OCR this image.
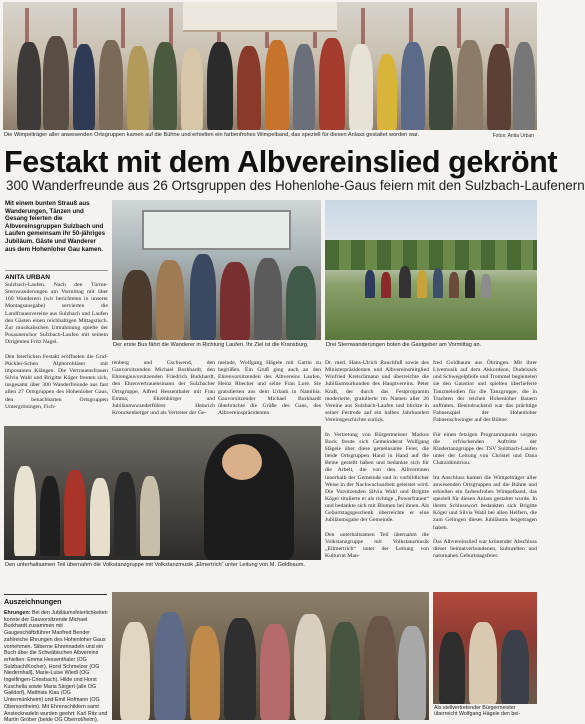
Die Wimpelträger aller anwesenden Ortsgruppen kamen auf die Bühne und erhielten ein farbenfrohes Wimpelband, das speziell für diesen Anlass gestaltet worden war.	Fotos: Anita Urban
Festakt mit dem Albvereinslied gekrönt
300 Wanderfreunde aus 26 Ortsgruppen des Hohenlohe-Gaus feiern mit den Sulzbach-Laufenern
Mit einem bunten Strauß aus Wanderungen, Tänzen und Gesang feierten die Albvereinsgruppen Sulzbach und Laufen gemeinsam ihr 50-jähriges Jubiläum. Gäste und Wanderer aus dem Hohenloher Gau kamen.
ANITA URBAN
Sulzbach-Laufen. Nach den Türme-Sternwanderungen am Vormittag mit über 160 Wanderern (wir berichteten in unserer Montagsausgabe) servierten die Landfrauenvereine aus Sulzbach und Laufen den Gästen einen reichhaltigen Mittagstisch. Zur musikalischen Umrahmung spielte der Posaunenchor Sulzbach-Laufen mit seinem Dirigenten Fritz Nagel.

Den feierlichen Festakt eröffneten die Graf-Pückler-Schen Alphornbläser mit imposanten Klängen. Die Vertrauensfrauen Silvia Wahl und Brigitte Köger freuten sich, insgesamt über 300 Wanderfreunde aus fast allen 27 Ortsgruppen des Hohenloher Gaus, den benachbarten Ortsgruppen Untergröningen, Fich-
tenberg und Gschwend, den Gauvorsitzenden Michael Burkhardt, den Ehrengauvorsitzenden Friedrich Burkhardt, den Ehrenvertrauensmann der Sulzbacher Ortsgruppe, Alfred Hessenthaler mit Frau Emma, Ehrenbürger und Jubiläumswanderführer Heinrich Kronckenberger und als Vertreter der Ge-
meinde, Wolfgang Hägele mit Gattin zu begrüßen. Ein Gruß ging auch an den Ehrenvorsitzenden des Albvereins Laufen, Heinz Rhecher und seine Frau Lore. Sie gratulierten aus dem Urlaub in Namibia. Gauvorsitzender Michael Burkhardt überbrachte die Grüße des Gaus, des Albvereinspräsidenten
Dr. med. Hans-Ulrich Rauchfuß sowie des Ministerpräsidenten und Albvereinsmitglied Winfried Kretschmann und überreichte die Jubiläumsurkunden des Hauptvereins. Peter Kraft, der durch das Festprogramm moderierte, gratulierte im Namen aller 26 Vereine aus Sulzbach-Laufen und blickte in seiner Festrede auf ein halbes Jahrhundert Vereinsgeschichte zurück.

In Vertretung von Bürgermeister Markus Bock freute sich Gemeinderat Wolfgang Hägele über diese gemeinsame Feier, die beide Ortsgruppen Hand in Hand auf die Beine gestellt haben und bedankte sich für die Arbeit, die von den Albvereinen innerhalb der Gemeinde und in vorbildlicher Weise in der Nachwuchsarbeit geleistet wird. Die Vorsitzenden Silvia Wahl und Brigitte Köger titulierte er als richtige „Powerfrauen“ und bedankte sich mit Blumen bei ihnen. Als Geburtstagsgeschenk überreichte er eine Jubiläumsgabe der Gemeinde.

Den unterhaltsamen Teil übernahm die Volkstanzgruppe mit Volkstanzmusik „Ellmertrich“ unter der Leitung von Kulturrat Man-
fred Goldbaum aus Öhringen. Mit ihrer Livemusik auf dem Akkordeon, Dudelsack und Schwegelpfeife und Trommel begleiteten sie den Gaustior und spielten überlieferte Tanzmelodien für die Tanzgruppe, die in Trachten der reichen Hohenloher Bauern auftraten. Beeindruckend war das prächtige Fahnenspiel der Hohenloher Fahnenschwinger auf der Bühne.

Für einen fetzigen Programmpunkt sorgten die erfrischenden Auftritte der Kindertanzgruppe des TSV Sulzbach-Laufen unter der Leitung von Christel und Dana Chatzidimitriou.

Im Anschluss kamen die Wimpelträger aller anwesenden Ortsgruppen auf die Bühne und erhielten ein farbenfrohes Wimpelband, das speziell für diesen Anlass gestaltet wurde. In ihrem Schlusswort bedankten sich Brigitte Köger und Silvia Wahl bei allen Helfern, die zum Gelingen dieses Jubiläums beigetragen haben.

Das Albvereinslied war krönender Abschluss dieser heimatverbundenen, kulturellen und naturnahen Geburtstagsfeier.
Der erste Bus fährt die Wanderer in Richtung Laufen. Ihr Ziel ist die Kransburg.	Drei Sternwanderungen boten die Gastgeber am Vormittag an.
Den unterhaltsamen Teil übernahm die Volkstanzgruppe mit Volkstanzmusik „Elmertrich“ unter Leitung von M. Goldbaum.
Auszeichnungen
Ehrungen: Bei den Jubiläumsfeierlichkeiten konnte der Gauvorsitzende Michael Burkhardt zusammen mit Gaugeschäftsführer Manfred Bender zahlreiche Ehrungen des Hohenloher Gaus vornehmen. Silberne Ehrennadeln und ein Buch über die Schwäbischen Albvereins erhielten: Emma Hessenthaler (OG Sulzbach/Kocher), Horst Schmelzer (OG Niedernhall), Marie-Luise Wiedl (OG Ingelfingen-Criesbach), Hilde und Horst Kuschella sowie Maria Siegert (alle OG Gaildorf), Matthias Klau (OG Untermünkheim) und Emil Hofmann (OG Obersontheim). Mit Ehrenschildern samt Anstecknadeln wurden geehrt: Karl Ritz und Martin Gröber (beide OG Oberrot/heim),
Als stellvertretender Bürgermeister überreicht Wolfgang Hägele den bei-
